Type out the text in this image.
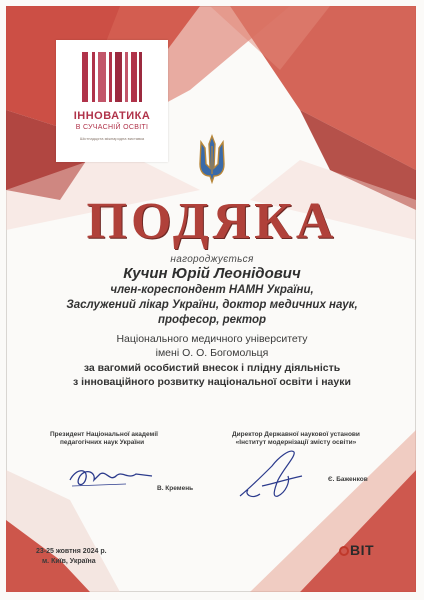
ІННОВАТИКА
В СУЧАСНІЙ ОСВІТІ
Шістнадцята міжнародна виставка
ПОДЯКА
нагороджується
Кучин Юрій Леонідович
член-кореспондент НАМН України,
Заслужений лікар України, доктор медичних наук,
професор, ректор
Національного медичного університету
імені О. О. Богомольця
за вагомий особистий внесок і плідну діяльність
з інноваційного розвитку національної освіти і науки
Президент Національної академії
педагогічних наук України
В. Кремень
Директор Державної наукової установи
«Інститут модернізації змісту освіти»
Є. Баженков
23-25 жовтня 2024 р.
м. Київ, Україна
ВІТ
